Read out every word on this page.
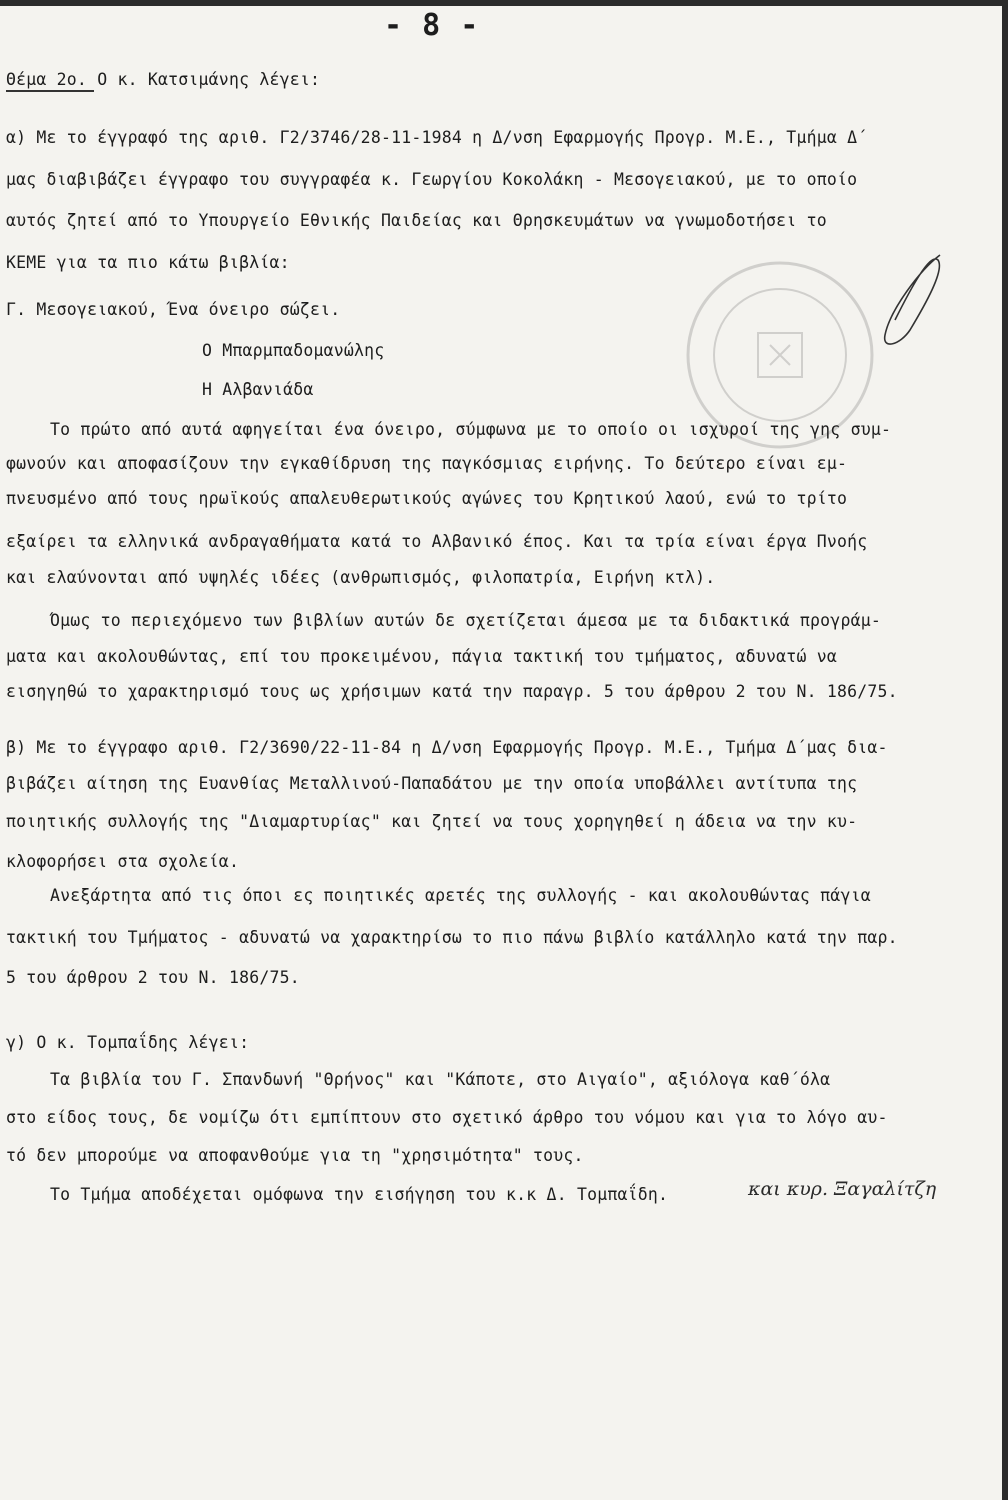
- 8 -
Θέμα 2ο. Ο κ. Κατσιμάνης λέγει:
α) Με το έγγραφό της αριθ. Γ2/3746/28-11-1984 η Δ/νση Εφαρμογής Προγρ. Μ.Ε., Τμήμα Δ΄
μας διαβιβάζει έγγραφο του συγγραφέα κ. Γεωργίου Κοκολάκη - Μεσογειακού, με το οποίο
αυτός ζητεί από το Υπουργείο Εθνικής Παιδείας και Θρησκευμάτων να γνωμοδοτήσει το
ΚΕΜΕ για τα πιο κάτω βιβλία:
Γ. Μεσογειακού, Ένα όνειρο σώζει.
Ο Μπαρμπαδομανώλης
Η Αλβανιάδα
Το πρώτο από αυτά αφηγείται ένα όνειρο, σύμφωνα με το οποίο οι ισχυροί της γης συμ-
φωνούν και αποφασίζουν την εγκαθίδρυση της παγκόσμιας ειρήνης. Το δεύτερο είναι εμ-
πνευσμένο από τους ηρωϊκούς απαλευθερωτικούς αγώνες του Κρητικού λαού, ενώ το τρίτο
εξαίρει τα ελληνικά ανδραγαθήματα κατά το Αλβανικό έπος. Και τα τρία είναι έργα Πνοής
και ελαύνονται από υψηλές ιδέες (ανθρωπισμός, φιλοπατρία, Ειρήνη κτλ).
Όμως το περιεχόμενο των βιβλίων αυτών δε σχετίζεται άμεσα με τα διδακτικά προγράμ-
ματα και ακολουθώντας, επί του προκειμένου, πάγια τακτική του τμήματος, αδυνατώ να
εισηγηθώ το χαρακτηρισμό τους ως χρήσιμων κατά την παραγρ. 5 του άρθρου 2 του Ν. 186/75.
β) Με το έγγραφο αριθ. Γ2/3690/22-11-84 η Δ/νση Εφαρμογής Προγρ. Μ.Ε., Τμήμα Δ΄μας δια-
βιβάζει αίτηση της Ευανθίας Μεταλλινού-Παπαδάτου με την οποία υποβάλλει αντίτυπα της
ποιητικής συλλογής της "Διαμαρτυρίας" και ζητεί να τους χορηγηθεί η άδεια να την κυ-
κλοφορήσει στα σχολεία.
Ανεξάρτητα από τις όποι ες ποιητικές αρετές της συλλογής - και ακολουθώντας πάγια
τακτική του Τμήματος - αδυνατώ να χαρακτηρίσω το πιο πάνω βιβλίο κατάλληλο κατά την παρ.
5 του άρθρου 2 του Ν. 186/75.
γ) Ο κ. Τομπαΐδης λέγει:
Τα βιβλία του Γ. Σπανδωνή "Θρήνος" και "Κάποτε, στο Αιγαίο", αξιόλογα καθ΄όλα
στο είδος τους, δε νομίζω ότι εμπίπτουν στο σχετικό άρθρο του νόμου και για το λόγο αυ-
τό δεν μπορούμε να αποφανθούμε για τη "χρησιμότητα" τους.
Το Τμήμα αποδέχεται ομόφωνα την εισήγηση του κ.κ Δ. Τομπαΐδη.	και κυρ. Ξαγαλίτζη
